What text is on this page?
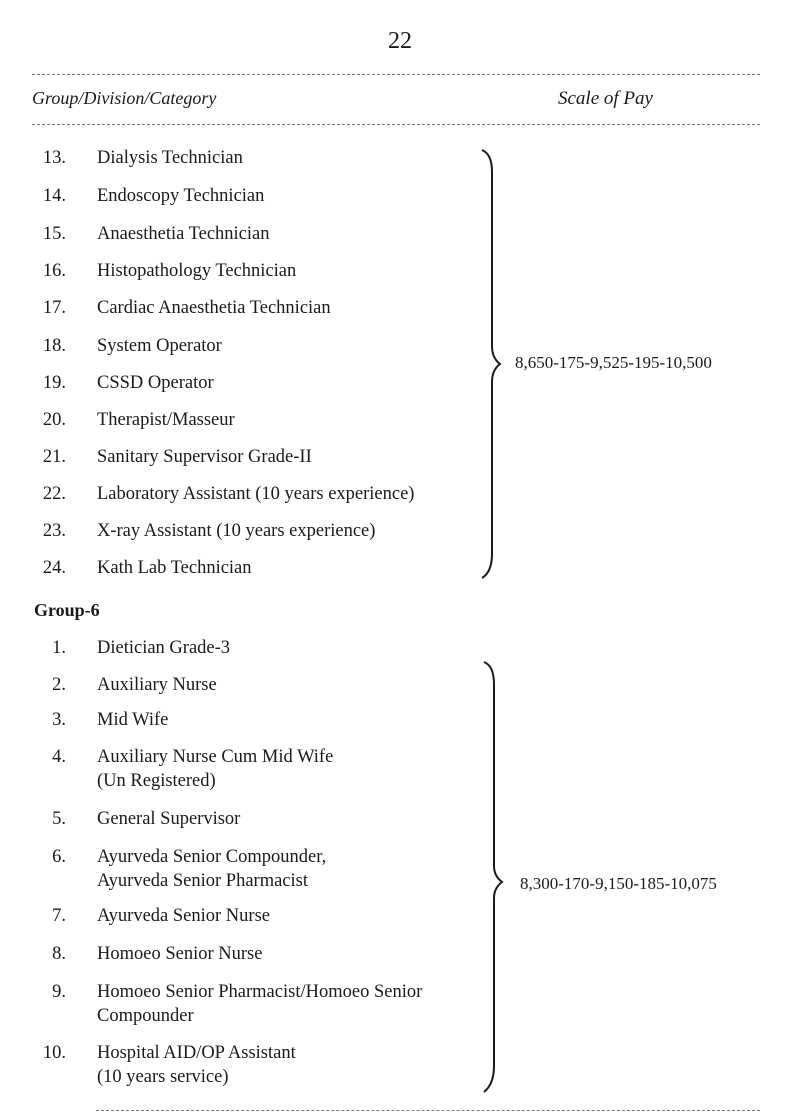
22
Group/Division/Category	Scale of Pay
13. Dialysis Technician
14. Endoscopy Technician
15. Anaesthetia Technician
16. Histopathology Technician
17. Cardiac Anaesthetia Technician
18. System Operator
19. CSSD Operator
20. Therapist/Masseur
21. Sanitary Supervisor Grade-II
22. Laboratory Assistant (10 years experience)
23. X-ray Assistant (10 years experience)
24. Kath Lab Technician
8,650-175-9,525-195-10,500
Group-6
1. Dietician Grade-3
2. Auxiliary Nurse
3. Mid Wife
4. Auxiliary Nurse Cum Mid Wife
(Un Registered)
5. General Supervisor
6. Ayurveda Senior Compounder,
Ayurveda Senior Pharmacist
7. Ayurveda Senior Nurse
8. Homoeo Senior Nurse
9. Homoeo Senior Pharmacist/Homoeo Senior
Compounder
10. Hospital AID/OP Assistant
(10 years service)
8,300-170-9,150-185-10,075
